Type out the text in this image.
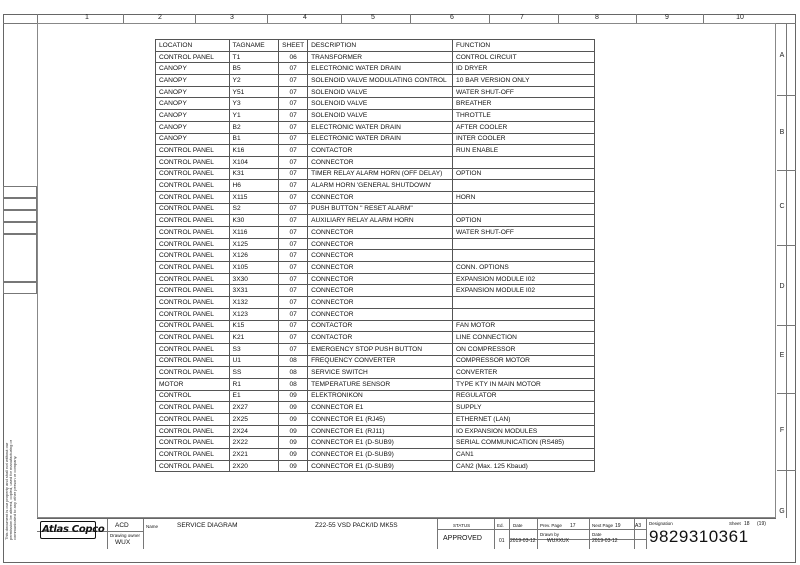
1	2	3	4	5	6	7	8	9	10
A
B
C
D
E
F
G
This document is our property and shall not without our permission be altered, copied, used for manufacturing or communicated to any other person or company.
LOCATION	TAGNAME	SHEET	DESCRIPTION	FUNCTION
CONTROL PANEL	T1	06	TRANSFORMER	CONTROL CIRCUIT
CANOPY	B5	07	ELECTRONIC WATER DRAIN	ID DRYER
CANOPY	Y2	07	SOLENOID VALVE MODULATING CONTROL	10 BAR VERSION ONLY
CANOPY	Y51	07	SOLENOID VALVE	WATER SHUT-OFF
CANOPY	Y3	07	SOLENOID VALVE	BREATHER
CANOPY	Y1	07	SOLENOID VALVE	THROTTLE
CANOPY	B2	07	ELECTRONIC WATER DRAIN	AFTER COOLER
CANOPY	B1	07	ELECTRONIC WATER DRAIN	INTER COOLER
CONTROL PANEL	K16	07	CONTACTOR	RUN ENABLE
CONTROL PANEL	X104	07	CONNECTOR	
CONTROL PANEL	K31	07	TIMER RELAY ALARM HORN (OFF DELAY)	OPTION
CONTROL PANEL	H6	07	ALARM HORN 'GENERAL SHUTDOWN'	
CONTROL PANEL	X115	07	CONNECTOR	HORN
CONTROL PANEL	S2	07	PUSH BUTTON " RESET ALARM"	
CONTROL PANEL	K30	07	AUXILIARY RELAY ALARM HORN	OPTION
CONTROL PANEL	X116	07	CONNECTOR	WATER SHUT-OFF
CONTROL PANEL	X125	07	CONNECTOR	
CONTROL PANEL	X126	07	CONNECTOR	
CONTROL PANEL	X105	07	CONNECTOR	CONN. OPTIONS
CONTROL PANEL	3X30	07	CONNECTOR	EXPANSION MODULE I02
CONTROL PANEL	3X31	07	CONNECTOR	EXPANSION MODULE I02
CONTROL PANEL	X132	07	CONNECTOR	
CONTROL PANEL	X123	07	CONNECTOR	
CONTROL PANEL	K15	07	CONTACTOR	FAN MOTOR
CONTROL PANEL	K21	07	CONTACTOR	LINE CONNECTION
CONTROL PANEL	S3	07	EMERGENCY STOP PUSH BUTTON	ON COMPRESSOR
CONTROL PANEL	U1	08	FREQUENCY CONVERTER	COMPRESSOR MOTOR
CONTROL PANEL	SS	08	SERVICE SWITCH	CONVERTER
MOTOR	R1	08	TEMPERATURE SENSOR	TYPE KTY IN MAIN MOTOR
CONTROL	E1	09	ELEKTRONIKON	REGULATOR
CONTROL PANEL	2X27	09	CONNECTOR E1	SUPPLY
CONTROL PANEL	2X25	09	CONNECTOR E1 (RJ45)	ETHERNET (LAN)
CONTROL PANEL	2X24	09	CONNECTOR E1 (RJ11)	IO EXPANSION MODULES
CONTROL PANEL	2X22	09	CONNECTOR E1 (D-SUB9)	SERIAL COMMUNICATION (RS485)
CONTROL PANEL	2X21	09	CONNECTOR E1 (D-SUB9)	CAN1
CONTROL PANEL	2X20	09	CONNECTOR E1 (D-SUB9)	CAN2 (Max. 125 Kbaud)
ACD
Drawing owner
WUX
Name	SERVICE DIAGRAM	Z22-55 VSD PACK/ID MK5S	STATUS
APPROVED
Ed.
01
Date
2019-03-12
Prev. Page 17
Drawn by
WUXXUX
Next Page 19
Date
2019-03-12
A3 Designation
9829310361
Sheet 18 (19)
Atlas Copco
